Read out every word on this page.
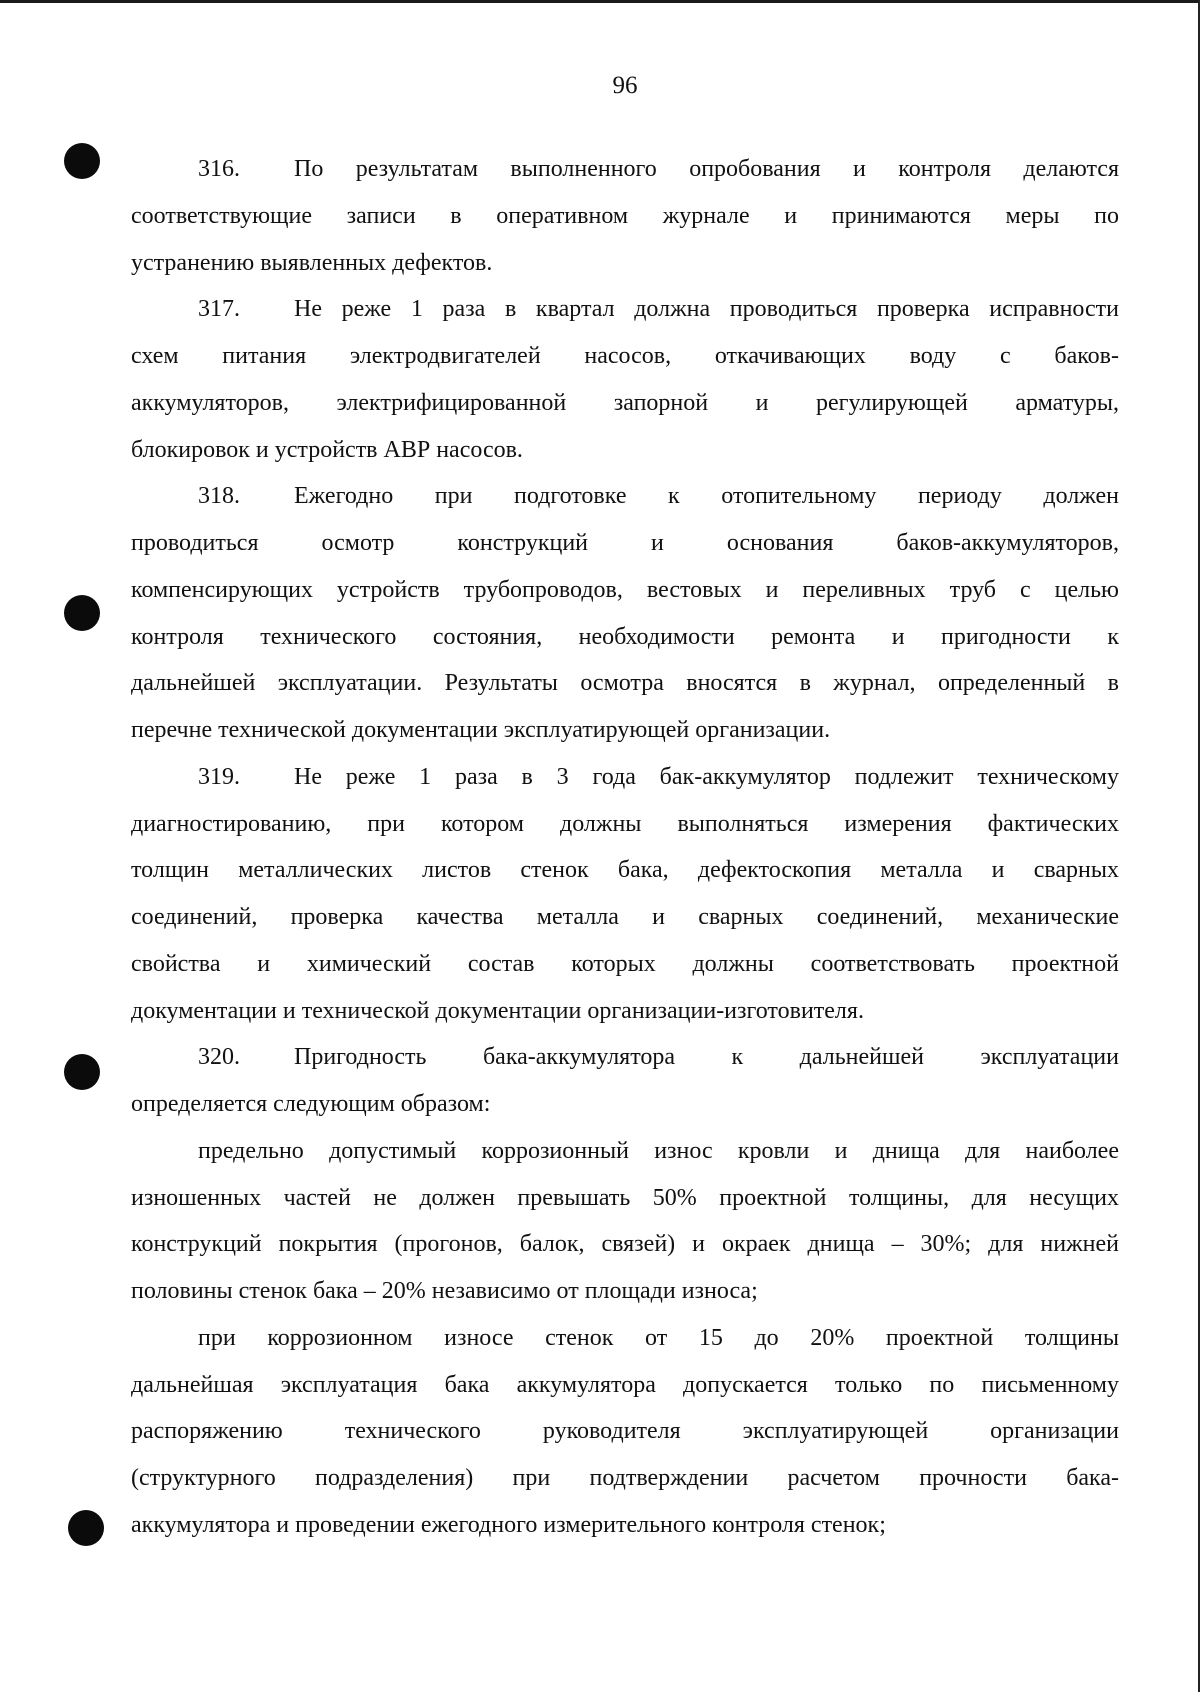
96
316. По результатам выполненного опробования и контроля делаются
соответствующие записи в оперативном журнале и принимаются меры по
устранению выявленных дефектов.
317. Не реже 1 раза в квартал должна проводиться проверка исправности
схем питания электродвигателей насосов, откачивающих воду с баков-
аккумуляторов, электрифицированной запорной и регулирующей арматуры,
блокировок и устройств АВР насосов.
318. Ежегодно при подготовке к отопительному периоду должен
проводиться осмотр конструкций и основания баков-аккумуляторов,
компенсирующих устройств трубопроводов, вестовых и переливных труб с целью
контроля технического состояния, необходимости ремонта и пригодности к
дальнейшей эксплуатации. Результаты осмотра вносятся в журнал, определенный в
перечне технической документации эксплуатирующей организации.
319. Не реже 1 раза в 3 года бак-аккумулятор подлежит техническому
диагностированию, при котором должны выполняться измерения фактических
толщин металлических листов стенок бака, дефектоскопия металла и сварных
соединений, проверка качества металла и сварных соединений, механические
свойства и химический состав которых должны соответствовать проектной
документации и технической документации организации-изготовителя.
320. Пригодность бака-аккумулятора к дальнейшей эксплуатации
определяется следующим образом:
предельно допустимый коррозионный износ кровли и днища для наиболее
изношенных частей не должен превышать 50% проектной толщины, для несущих
конструкций покрытия (прогонов, балок, связей) и окраек днища – 30%; для нижней
половины стенок бака – 20% независимо от площади износа;
при коррозионном износе стенок от 15 до 20% проектной толщины
дальнейшая эксплуатация бака аккумулятора допускается только по письменному
распоряжению технического руководителя эксплуатирующей организации
(структурного подразделения) при подтверждении расчетом прочности бака-
аккумулятора и проведении ежегодного измерительного контроля стенок;
